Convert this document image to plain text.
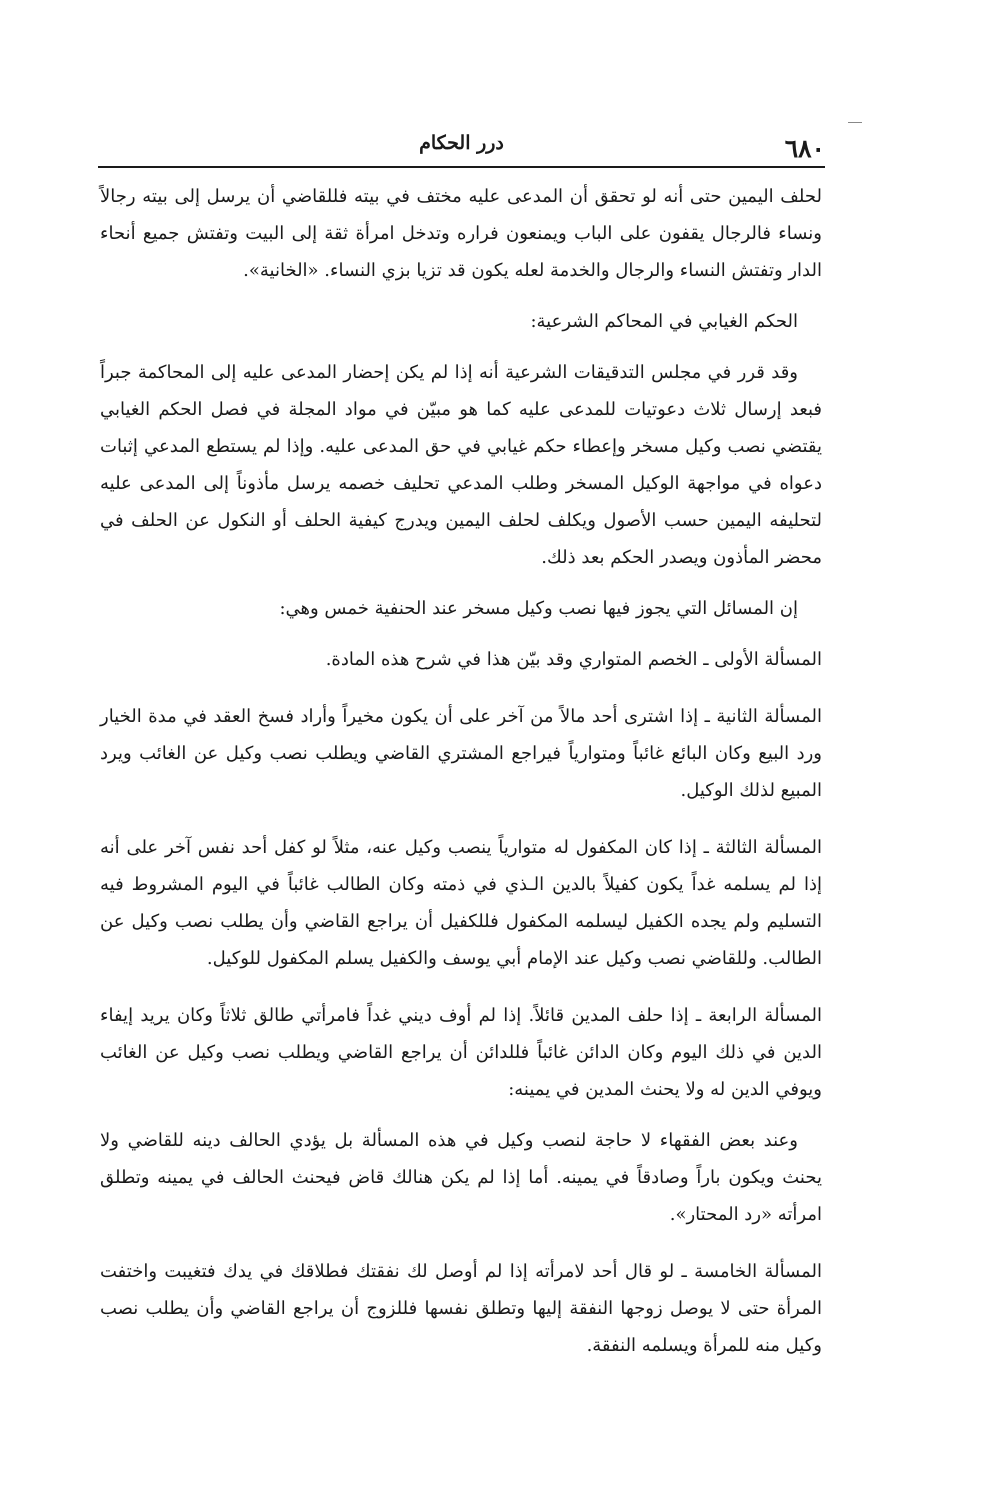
٦٨٠
درر الحكام

لحلف اليمين حتى أنه لو تحقق أن المدعى عليه مختف في بيته فللقاضي أن يرسل إلى بيته رجالاً ونساء فالرجال يقفون على الباب ويمنعون فراره وتدخل امرأة ثقة إلى البيت وتفتش جميع أنحاء الدار وتفتش النساء والرجال والخدمة لعله يكون قد تزيا بزي النساء. «الخانية».

الحكم الغيابي في المحاكم الشرعية:

وقد قرر في مجلس التدقيقات الشرعية أنه إذا لم يكن إحضار المدعى عليه إلى المحاكمة جبراً فبعد إرسال ثلاث دعوتيات للمدعى عليه كما هو مبيّن في مواد المجلة في فصل الحكم الغيابي يقتضي نصب وكيل مسخر وإعطاء حكم غيابي في حق المدعى عليه. وإذا لم يستطع المدعي إثبات دعواه في مواجهة الوكيل المسخر وطلب المدعي تحليف خصمه يرسل مأذوناً إلى المدعى عليه لتحليفه اليمين حسب الأصول ويكلف لحلف اليمين ويدرج كيفية الحلف أو النكول عن الحلف في محضر المأذون ويصدر الحكم بعد ذلك.

إن المسائل التي يجوز فيها نصب وكيل مسخر عند الحنفية خمس وهي:

المسألة الأولى ـ الخصم المتواري وقد بيّن هذا في شرح هذه المادة.

المسألة الثانية ـ إذا اشترى أحد مالاً من آخر على أن يكون مخيراً وأراد فسخ العقد في مدة الخيار ورد البيع وكان البائع غائباً ومتوارياً فيراجع المشتري القاضي ويطلب نصب وكيل عن الغائب ويرد المبيع لذلك الوكيل.

المسألة الثالثة ـ إذا كان المكفول له متوارياً ينصب وكيل عنه، مثلاً لو كفل أحد نفس آخر على أنه إذا لم يسلمه غداً يكون كفيلاً بالدين الـذي في ذمته وكان الطالب غائباً في اليوم المشروط فيه التسليم ولم يجده الكفيل ليسلمه المكفول فللكفيل أن يراجع القاضي وأن يطلب نصب وكيل عن الطالب. وللقاضي نصب وكيل عند الإمام أبي يوسف والكفيل يسلم المكفول للوكيل.

المسألة الرابعة ـ إذا حلف المدين قائلاً. إذا لم أوف ديني غداً فامرأتي طالق ثلاثاً وكان يريد إيفاء الدين في ذلك اليوم وكان الدائن غائباً فللدائن أن يراجع القاضي ويطلب نصب وكيل عن الغائب ويوفي الدين له ولا يحنث المدين في يمينه:

وعند بعض الفقهاء لا حاجة لنصب وكيل في هذه المسألة بل يؤدي الحالف دينه للقاضي ولا يحنث ويكون باراً وصادقاً في يمينه. أما إذا لم يكن هنالك قاض فيحنث الحالف في يمينه وتطلق امرأته «رد المحتار».

المسألة الخامسة ـ لو قال أحد لامرأته إذا لم أوصل لك نفقتك فطلاقك في يدك فتغيبت واختفت المرأة حتى لا يوصل زوجها النفقة إليها وتطلق نفسها فللزوج أن يراجع القاضي وأن يطلب نصب وكيل منه للمرأة ويسلمه النفقة.
